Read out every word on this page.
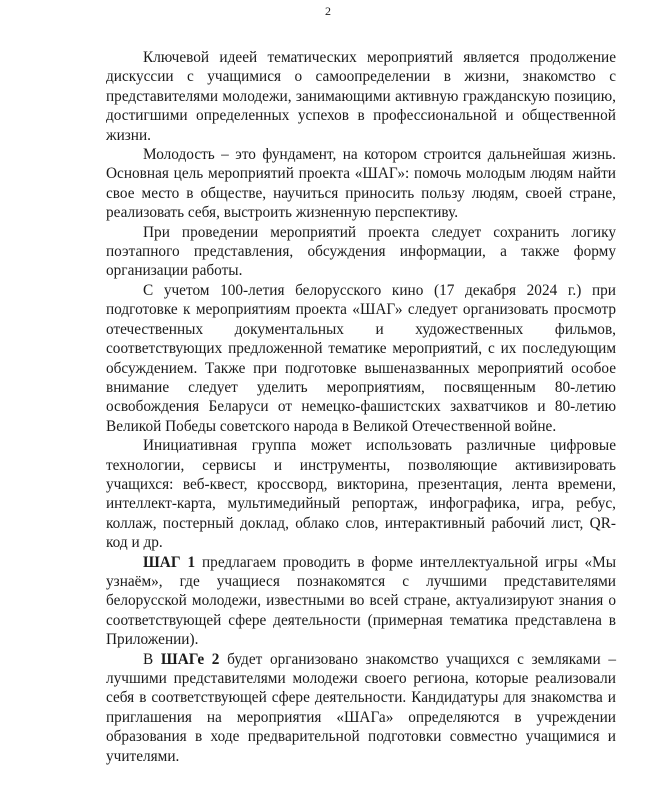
2

Ключевой идеей тематических мероприятий является продолжение дискуссии с учащимися о самоопределении в жизни, знакомство с представителями молодежи, занимающими активную гражданскую позицию, достигшими определенных успехов в профессиональной и общественной жизни.

Молодость – это фундамент, на котором строится дальнейшая жизнь. Основная цель мероприятий проекта «ШАГ»: помочь молодым людям найти свое место в обществе, научиться приносить пользу людям, своей стране, реализовать себя, выстроить жизненную перспективу.

При проведении мероприятий проекта следует сохранить логику поэтапного представления, обсуждения информации, а также форму организации работы.

С учетом 100-летия белорусского кино (17 декабря 2024 г.) при подготовке к мероприятиям проекта «ШАГ» следует организовать просмотр отечественных документальных и художественных фильмов, соответствующих предложенной тематике мероприятий, с их последующим обсуждением. Также при подготовке вышеназванных мероприятий особое внимание следует уделить мероприятиям, посвященным 80-летию освобождения Беларуси от немецко-фашистских захватчиков и 80-летию Великой Победы советского народа в Великой Отечественной войне.

Инициативная группа может использовать различные цифровые технологии, сервисы и инструменты, позволяющие активизировать учащихся: веб-квест, кроссворд, викторина, презентация, лента времени, интеллект-карта, мультимедийный репортаж, инфографика, игра, ребус, коллаж, постерный доклад, облако слов, интерактивный рабочий лист, QR-код и др.

ШАГ 1 предлагаем проводить в форме интеллектуальной игры «Мы узнаём», где учащиеся познакомятся с лучшими представителями белорусской молодежи, известными во всей стране, актуализируют знания о соответствующей сфере деятельности (примерная тематика представлена в Приложении).

В ШАГе 2 будет организовано знакомство учащихся с земляками – лучшими представителями молодежи своего региона, которые реализовали себя в соответствующей сфере деятельности. Кандидатуры для знакомства и приглашения на мероприятия «ШАГа» определяются в учреждении образования в ходе предварительной подготовки совместно учащимися и учителями.
